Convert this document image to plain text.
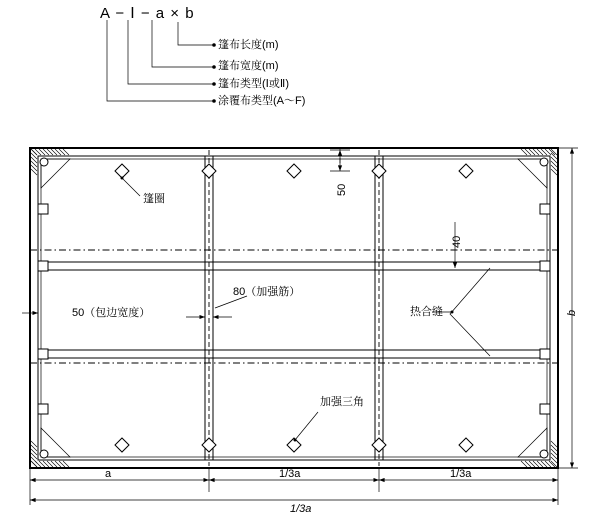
A − Ⅰ − a × b
篷布长度(m)
篷布宽度(m)
篷布类型(Ⅰ或Ⅱ)
涂覆布类型(A～F)
篷圈
50（包边宽度）
80（加强筋）
热合缝
加强三角
50
40
b
1/3a
a	1/3a	1/3a
